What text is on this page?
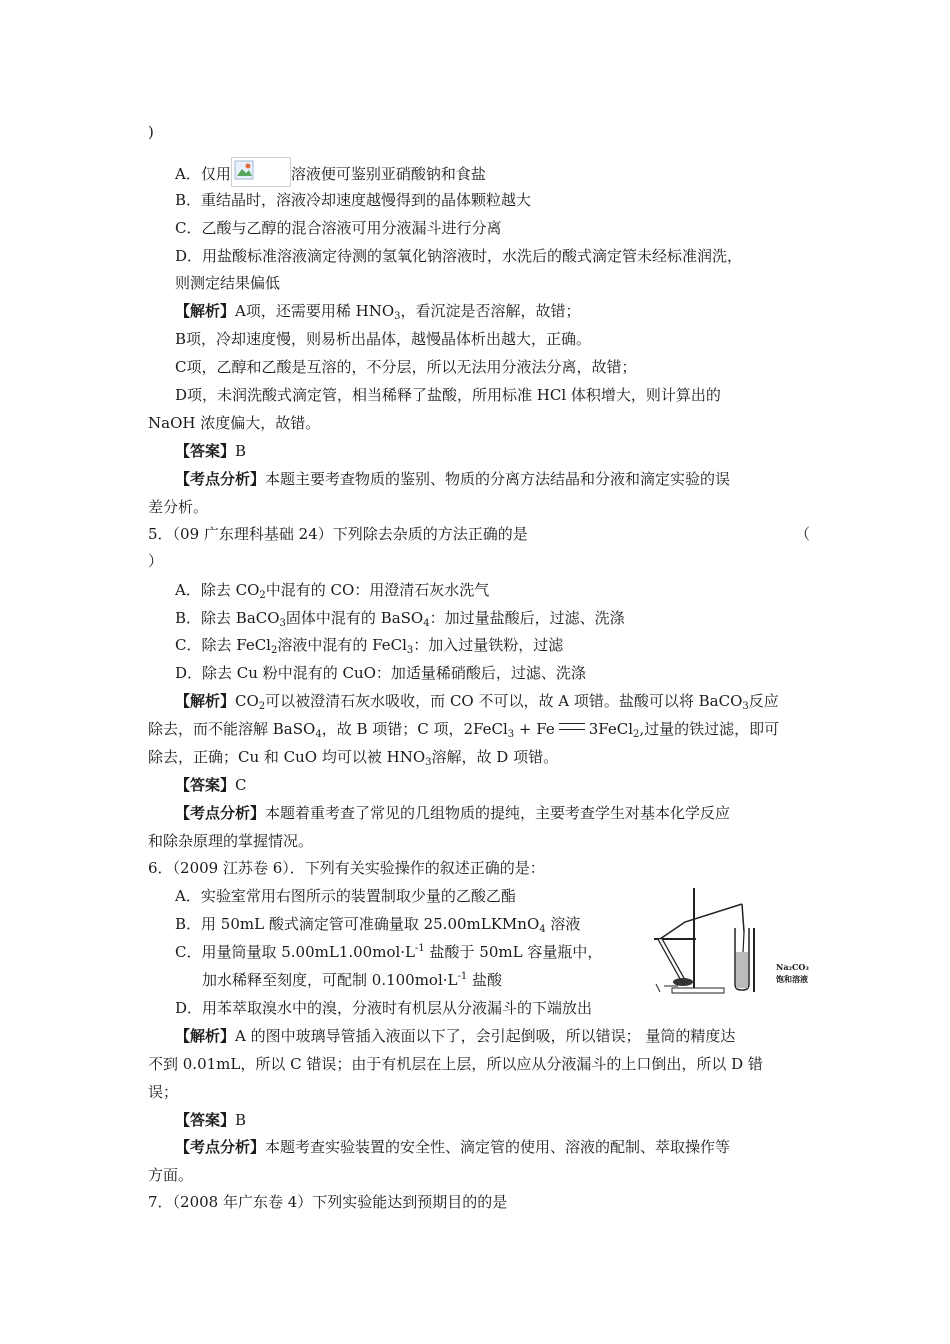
)
A．仅用	溶液便可鉴别亚硝酸钠和食盐
B．重结晶时，溶液冷却速度越慢得到的晶体颗粒越大
C．乙酸与乙醇的混合溶液可用分液漏斗进行分离
D．用盐酸标准溶液滴定待测的氢氧化钠溶液时，水洗后的酸式滴定管未经标准润洗，
则测定结果偏低
【解析】A项，还需要用稀 $HNO_3$，看沉淀是否溶解，故错；
B项，冷却速度慢，则易析出晶体，越慢晶体析出越大，正确。
C项，乙醇和乙酸是互溶的，不分层，所以无法用分液法分离，故错；
D项，未润洗酸式滴定管，相当稀释了盐酸，所用标准 HCl 体积增大，则计算出的
NaOH 浓度偏大，故错。
【答案】B
【考点分析】本题主要考查物质的鉴别、物质的分离方法结晶和分液和滴定实验的误
差分析。
5．（09 广东理科基础 24）下列除去杂质的方法正确的是	（
）
A．除去 $CO_2$中混有的 CO：用澄清石灰水洗气
B．除去 BaCO$_3$固体中混有的 BaSO$_4$：加过量盐酸后，过滤、洗涤
C．除去 FeCl$_2$溶液中混有的 FeCl$_3$：加入过量铁粉，过滤
D．除去 Cu 粉中混有的 CuO：加适量稀硝酸后，过滤、洗涤
【解析】$CO_2$可以被澄清石灰水吸收，而 CO 不可以，故 A 项错。盐酸可以将 BaCO$_3$反应
除去，而不能溶解 BaSO$_4$，故 B 项错；C 项，2FeCl$_3$ + Fe 3FeCl$_2$,过量的铁过滤，即可
除去，正确；Cu 和 CuO 均可以被 $HNO_3$溶解，故 D 项错。
【答案】C
【考点分析】本题着重考查了常见的几组物质的提纯，主要考查学生对基本化学反应
和除杂原理的掌握情况。
6．（2009 江苏卷 6）．下列有关实验操作的叙述正确的是：
A．实验室常用右图所示的装置制取少量的乙酸乙酯
B．用 50mL 酸式滴定管可准确量取 25.00mLKMnO$_4$ 溶液
C．用量筒量取 $5.00mL1.00mol\cdot L^{-1}$ 盐酸于 50mL 容量瓶中，
加水稀释至刻度，可配制 $0.100mol\cdot L^{-1}$ 盐酸
D．用苯萃取溴水中的溴，分液时有机层从分液漏斗的下端放出
Na₂CO₃
饱和溶液
【解析】A 的图中玻璃导管插入液面以下了，会引起倒吸，所以错误； 量筒的精度达
不到 0.01mL，所以 C 错误；由于有机层在上层，所以应从分液漏斗的上口倒出，所以 D 错
误；
【答案】B
【考点分析】本题考查实验装置的安全性、滴定管的使用、溶液的配制、萃取操作等
方面。
7．（2008 年广东卷 4）下列实验能达到预期目的的是
